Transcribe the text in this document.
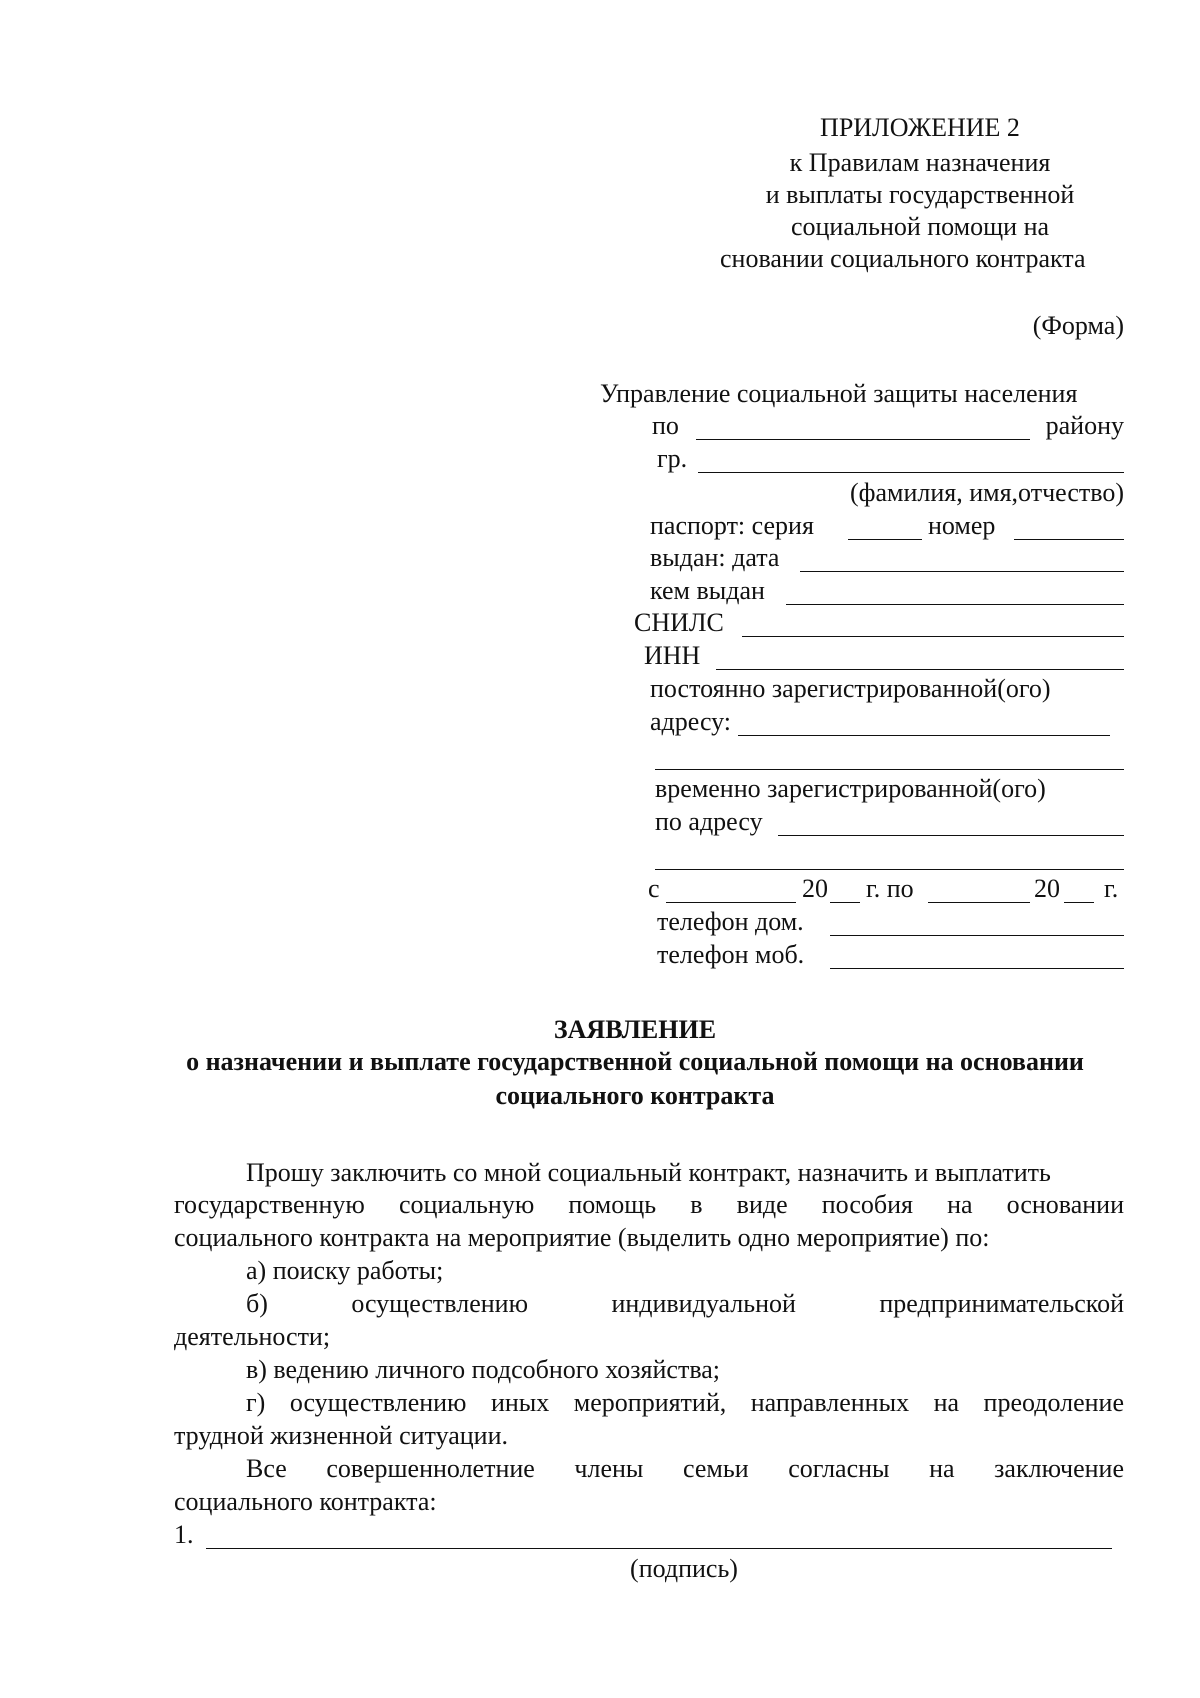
ПРИЛОЖЕНИЕ 2
к Правилам назначения
и выплаты государственной
социальной помощи на
сновании социального контракта
(Форма)
Управление социальной защиты населения
по	району
гр.
(фамилия, имя,отчество)
паспорт: серия	номер
выдан: дата
кем выдан
СНИЛС
ИНН
постоянно зарегистрированной(ого)
адресу:
временно зарегистрированной(ого)
по адресу
с	20 г. по	20 г.
телефон дом.
телефон моб.
ЗАЯВЛЕНИЕ
о назначении и выплате государственной социальной помощи на основании
социального контракта
Прошу заключить со мной социальный контракт, назначить и выплатить
государственную социальную помощь в виде пособия на основании
социального контракта на мероприятие (выделить одно мероприятие) по:
а) поиску работы;
б) осуществлению индивидуальной предпринимательской
деятельности;
в) ведению личного подсобного хозяйства;
г) осуществлению иных мероприятий, направленных на преодоление
трудной жизненной ситуации.
Все совершеннолетние члены семьи согласны на заключение
социального контракта:
1.
(подпись)
